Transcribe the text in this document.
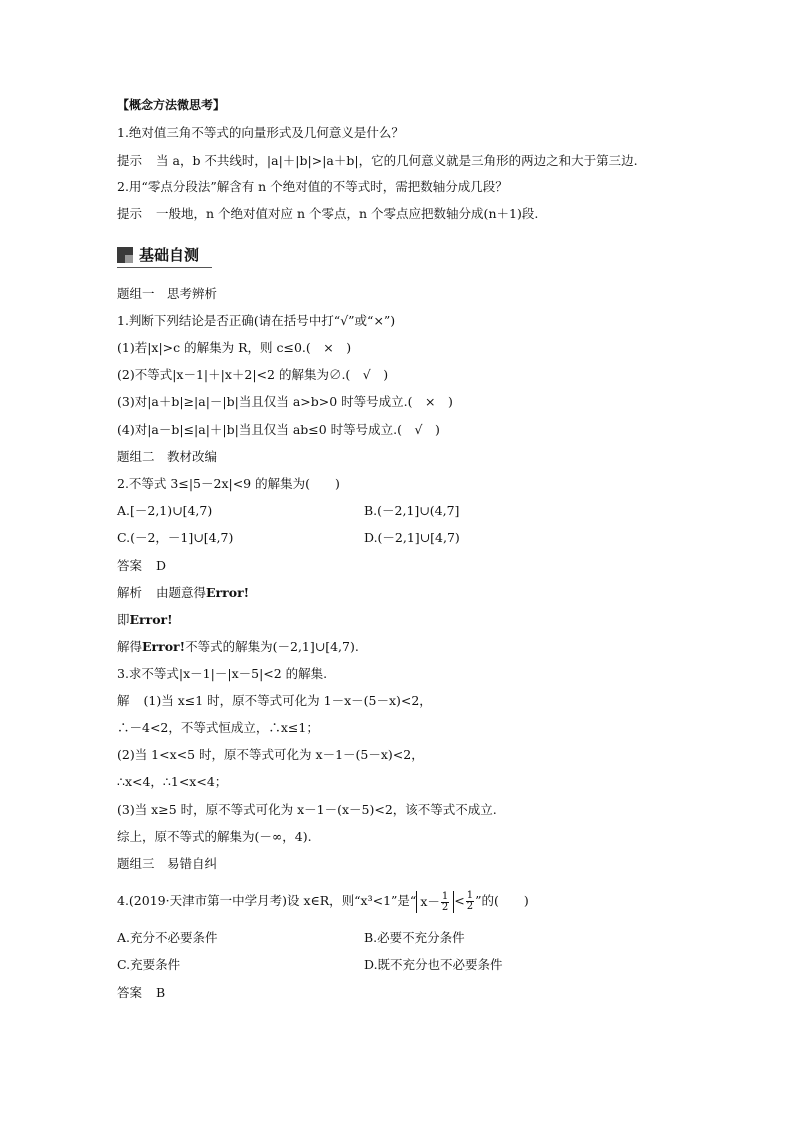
【概念方法微思考】
1.绝对值三角不等式的向量形式及几何意义是什么？
提示 当 a，b 不共线时，|a|＋|b|>|a＋b|，它的几何意义就是三角形的两边之和大于第三边.
2.用“零点分段法”解含有 n 个绝对值的不等式时，需把数轴分成几段？
提示 一般地，n 个绝对值对应 n 个零点，n 个零点应把数轴分成(n＋1)段.
基础自测
题组一　思考辨析
1.判断下列结论是否正确(请在括号中打“√”或“×”)
(1)若|x|>c 的解集为 R，则 c≤0.(　×　)
(2)不等式|x－1|＋|x＋2|<2 的解集为∅.(　√　)
(3)对|a＋b|≥|a|－|b|当且仅当 a>b>0 时等号成立.(　×　)
(4)对|a－b|≤|a|＋|b|当且仅当 ab≤0 时等号成立.(　√　)
题组二　教材改编
2.不等式 3≤|5－2x|<9 的解集为(　　)
A.[－2,1)∪[4,7)	B.(－2,1]∪(4,7]
C.(－2，－1]∪[4,7)	D.(－2,1]∪[4,7)
答案 D
解析 由题意得Error!
即Error!
解得Error!不等式的解集为(－2,1]∪[4,7).
3.求不等式|x－1|－|x－5|<2 的解集.
解 (1)当 x≤1 时，原不等式可化为 1－x－(5－x)<2，
∴－4<2，不等式恒成立，∴x≤1；
(2)当 1<x<5 时，原不等式可化为 x－1－(5－x)<2，
∴x<4，∴1<x<4；
(3)当 x≥5 时，原不等式可化为 x－1－(x－5)<2，该不等式不成立.
综上，原不等式的解集为(－∞，4).
题组三　易错自纠
4.(2019·天津市第一中学月考)设 x∈R，则“x³<1”是“ $x- \frac{1}{2} < \frac{1}{2}$ ”的(　　)
A.充分不必要条件	B.必要不充分条件
C.充要条件	D.既不充分也不必要条件
答案 B
